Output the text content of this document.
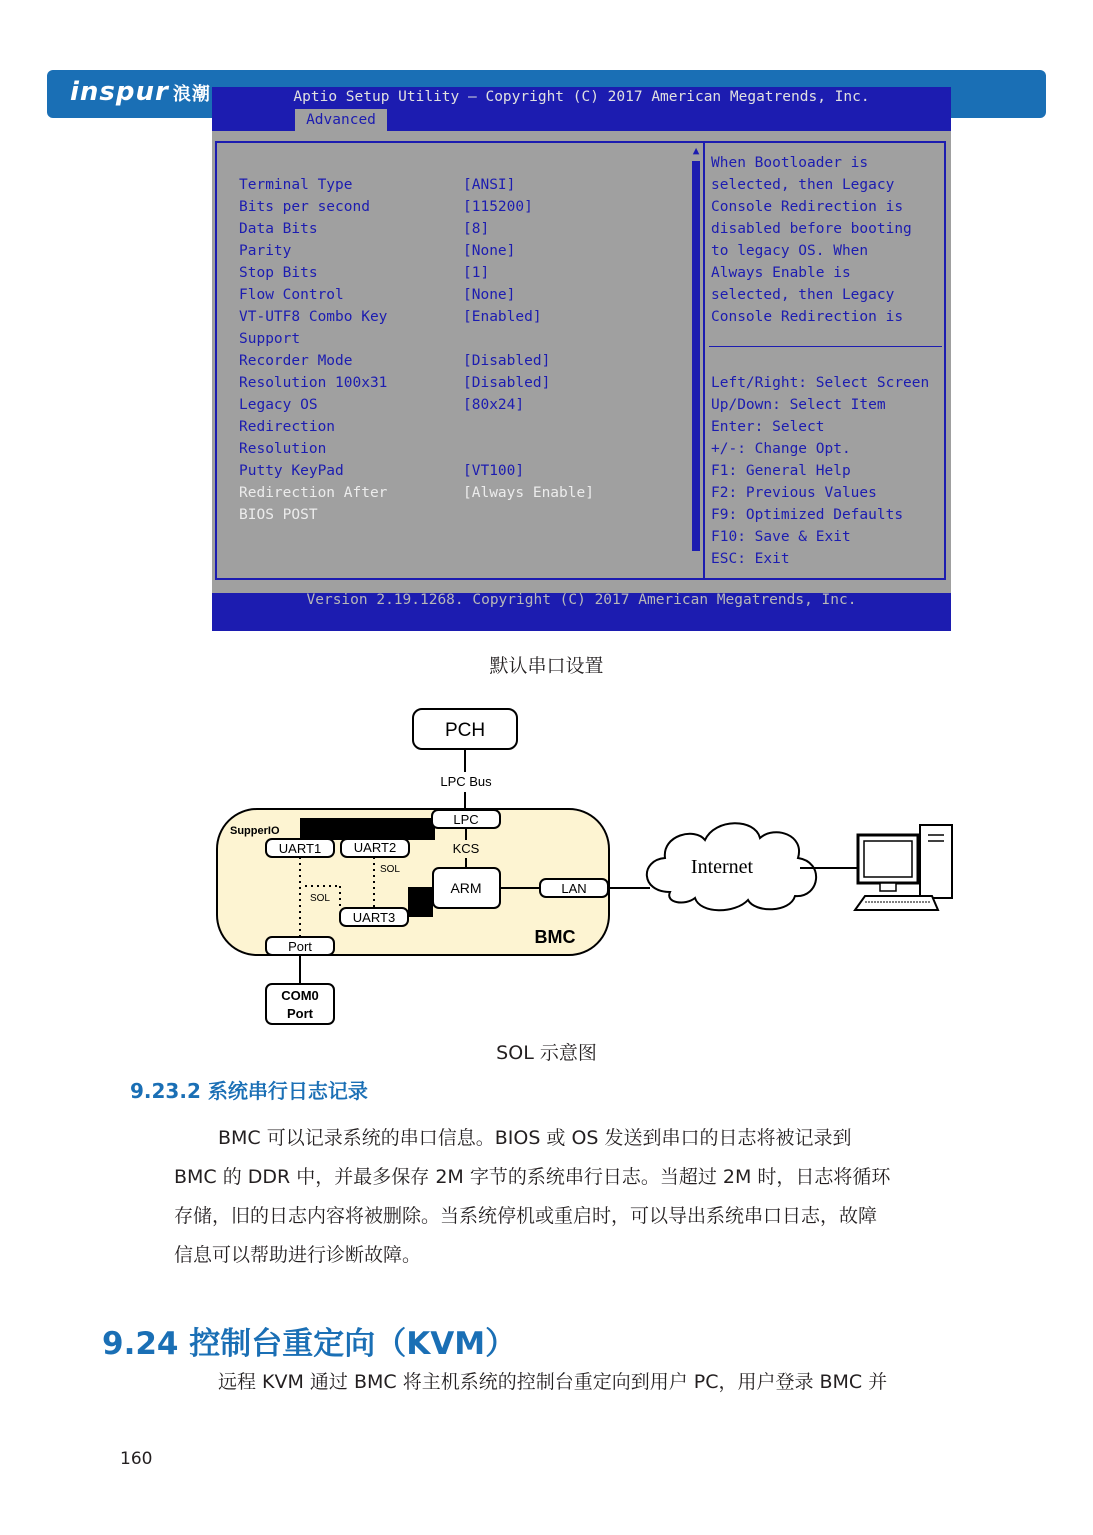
inspur 浪潮	Aptio Setup Utility – Copyright (C) 2017 American Megatrends, Inc.
Advanced
Terminal Type	[ANSI]
Bits per second	[115200]
Data Bits	[8]
Parity	[None]
Stop Bits	[1]
Flow Control	[None]
VT-UTF8 Combo Key	[Enabled]
Support
Recorder Mode	[Disabled]
Resolution 100x31	[Disabled]
Legacy OS	[80x24]
Redirection
Resolution
Putty KeyPad	[VT100]
Redirection After	[Always Enable]
BIOS POST
▲
▼
When Bootloader is
selected, then Legacy
Console Redirection is
disabled before booting
to legacy OS. When
Always Enable is
selected, then Legacy
Console Redirection is
Left/Right: Select Screen
Up/Down: Select Item
Enter: Select
+/-: Change Opt.
F1: General Help
F2: Previous Values
F9: Optimized Defaults
F10: Save & Exit
ESC: Exit
Version 2.19.1268. Copyright (C) 2017 American Megatrends, Inc.
默认串口设置
PCH
LPC Bus
BMC
SupperIO
LPC
KCS
UART1	UART2
SOL
SOL
UART3
ARM	LAN
Port
COM0
Port
Internet
SOL 示意图
9.23.2 系统串行日志记录
BMC 可以记录系统的串口信息。BIOS 或 OS 发送到串口的日志将被记录到
BMC 的 DDR 中，并最多保存 2M 字节的系统串行日志。当超过 2M 时，日志将循环
存储，旧的日志内容将被删除。当系统停机或重启时，可以导出系统串口日志，故障
信息可以帮助进行诊断故障。
9.24 控制台重定向（KVM）
远程 KVM 通过 BMC 将主机系统的控制台重定向到用户 PC，用户登录 BMC 并
160
